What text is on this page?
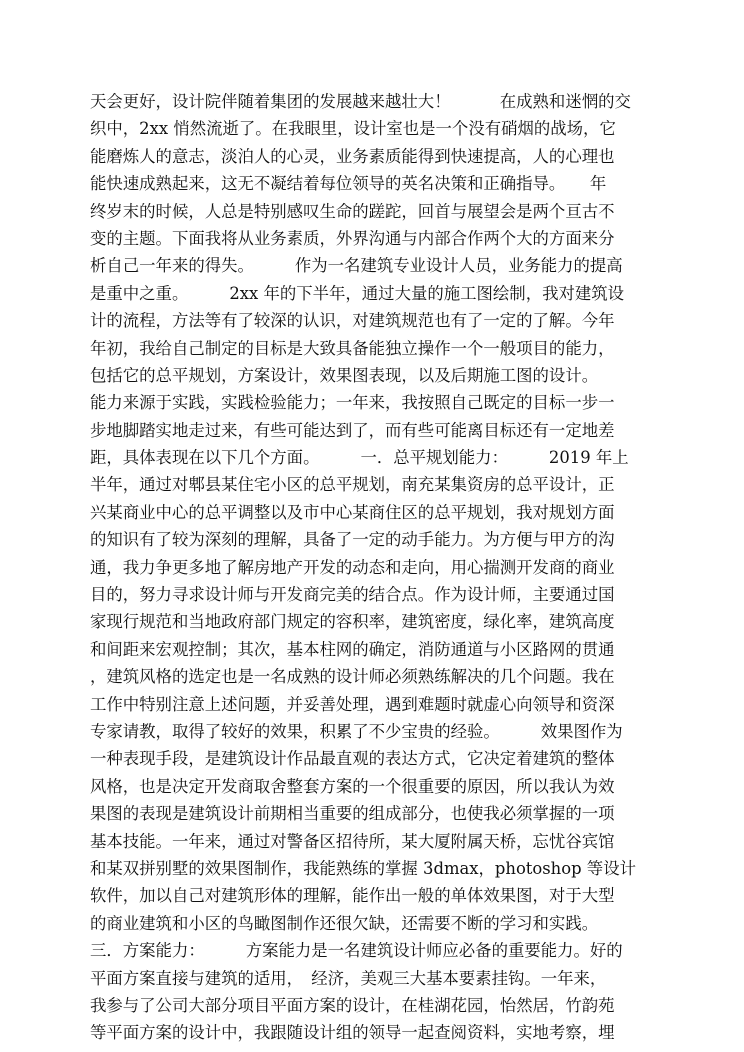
天会更好，设计院伴随着集团的发展越来越壮大！　　　在成熟和迷惘的交
织中，2xx 悄然流逝了。在我眼里，设计室也是一个没有硝烟的战场，它
能磨炼人的意志，淡泊人的心灵，业务素质能得到快速提高，人的心理也
能快速成熟起来，这无不凝结着每位领导的英名决策和正确指导。　　年
终岁末的时候，人总是特别感叹生命的蹉跎，回首与展望会是两个亘古不
变的主题。下面我将从业务素质，外界沟通与内部合作两个大的方面来分
析自己一年来的得失。　　　作为一名建筑专业设计人员，业务能力的提高
是重中之重。　　　2xx 年的下半年，通过大量的施工图绘制，我对建筑设
计的流程，方法等有了较深的认识，对建筑规范也有了一定的了解。今年
年初，我给自己制定的目标是大致具备能独立操作一个一般项目的能力，
包括它的总平规划，方案设计，效果图表现，以及后期施工图的设计。
能力来源于实践，实践检验能力；一年来，我按照自己既定的目标一步一
步地脚踏实地走过来，有些可能达到了，而有些可能离目标还有一定地差
距，具体表现在以下几个方面。　　　一．总平规划能力：　　　2019 年上
半年，通过对郫县某住宅小区的总平规划，南充某集资房的总平设计，正
兴某商业中心的总平调整以及市中心某商住区的总平规划，我对规划方面
的知识有了较为深刻的理解，具备了一定的动手能力。为方便与甲方的沟
通，我力争更多地了解房地产开发的动态和走向，用心揣测开发商的商业
目的，努力寻求设计师与开发商完美的结合点。作为设计师，主要通过国
家现行规范和当地政府部门规定的容积率，建筑密度，绿化率，建筑高度
和间距来宏观控制；其次，基本柱网的确定，消防通道与小区路网的贯通
，建筑风格的选定也是一名成熟的设计师必须熟练解决的几个问题。我在
工作中特别注意上述问题，并妥善处理，遇到难题时就虚心向领导和资深
专家请教，取得了较好的效果，积累了不少宝贵的经验。　　　效果图作为
一种表现手段，是建筑设计作品最直观的表达方式，它决定着建筑的整体
风格，也是决定开发商取舍整套方案的一个很重要的原因，所以我认为效
果图的表现是建筑设计前期相当重要的组成部分，也使我必须掌握的一项
基本技能。一年来，通过对警备区招待所，某大厦附属天桥，忘忧谷宾馆
和某双拼别墅的效果图制作，我能熟练的掌握 3dmax，photoshop 等设计
软件，加以自己对建筑形体的理解，能作出一般的单体效果图，对于大型
的商业建筑和小区的鸟瞰图制作还很欠缺，还需要不断的学习和实践。
三．方案能力：　　　方案能力是一名建筑设计师应必备的重要能力。好的
平面方案直接与建筑的适用，　经济，美观三大基本要素挂钩。一年来，
我参与了公司大部分项目平面方案的设计，在桂湖花园，怡然居，竹韵苑
等平面方案的设计中，我跟随设计组的领导一起查阅资料，实地考察，埋
